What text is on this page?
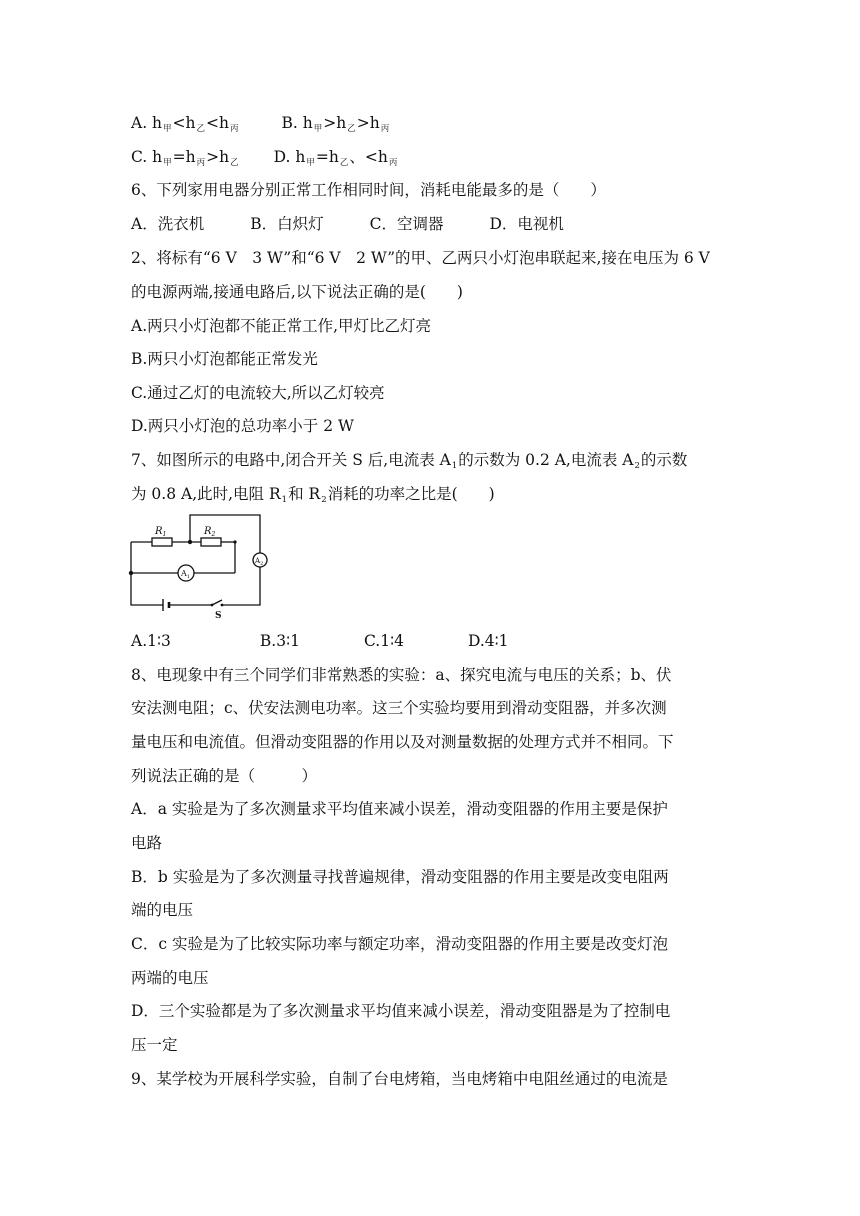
A. $h_甲<h_乙<h_丙$	B. $h_甲>h_乙>h_丙$
C. $h_甲=h_丙>h_乙$ D. $h_甲=h_乙$、$<h_丙$
6、下列家用电器分别正常工作相同时间，消耗电能最多的是（　　）
A．洗衣机	B．白炽灯	C．空调器	D．电视机
2、将标有“6 V　3 W”和“6 V　2 W”的甲、乙两只小灯泡串联起来,接在电压为 6 V
的电源两端,接通电路后,以下说法正确的是(　　)
A.两只小灯泡都不能正常工作,甲灯比乙灯亮
B.两只小灯泡都能正常发光
C.通过乙灯的电流较大,所以乙灯较亮
D.两只小灯泡的总功率小于 2 W
7、如图所示的电路中,闭合开关 S 后,电流表 $A_1$的示数为 0.2 A,电流表 $A_2$的示数
为 0.8 A,此时,电阻 $R_1$和 $R_2$消耗的功率之比是(　　)
$R_1$	$R_2$
$A_1$
$A_2$
S
A.1∶3	B.3∶1	C.1∶4	D.4∶1
8、电现象中有三个同学们非常熟悉的实验：a、探究电流与电压的关系；b、伏
安法测电阻；c、伏安法测电功率。这三个实验均要用到滑动变阻器，并多次测
量电压和电流值。但滑动变阻器的作用以及对测量数据的处理方式并不相同。下
列说法正确的是（　　　）
A．a 实验是为了多次测量求平均值来减小误差，滑动变阻器的作用主要是保护
电路
B．b 实验是为了多次测量寻找普遍规律，滑动变阻器的作用主要是改变电阻两
端的电压
C．c 实验是为了比较实际功率与额定功率，滑动变阻器的作用主要是改变灯泡
两端的电压
D．三个实验都是为了多次测量求平均值来减小误差，滑动变阻器是为了控制电
压一定
9、某学校为开展科学实验，自制了台电烤箱，当电烤箱中电阻丝通过的电流是
